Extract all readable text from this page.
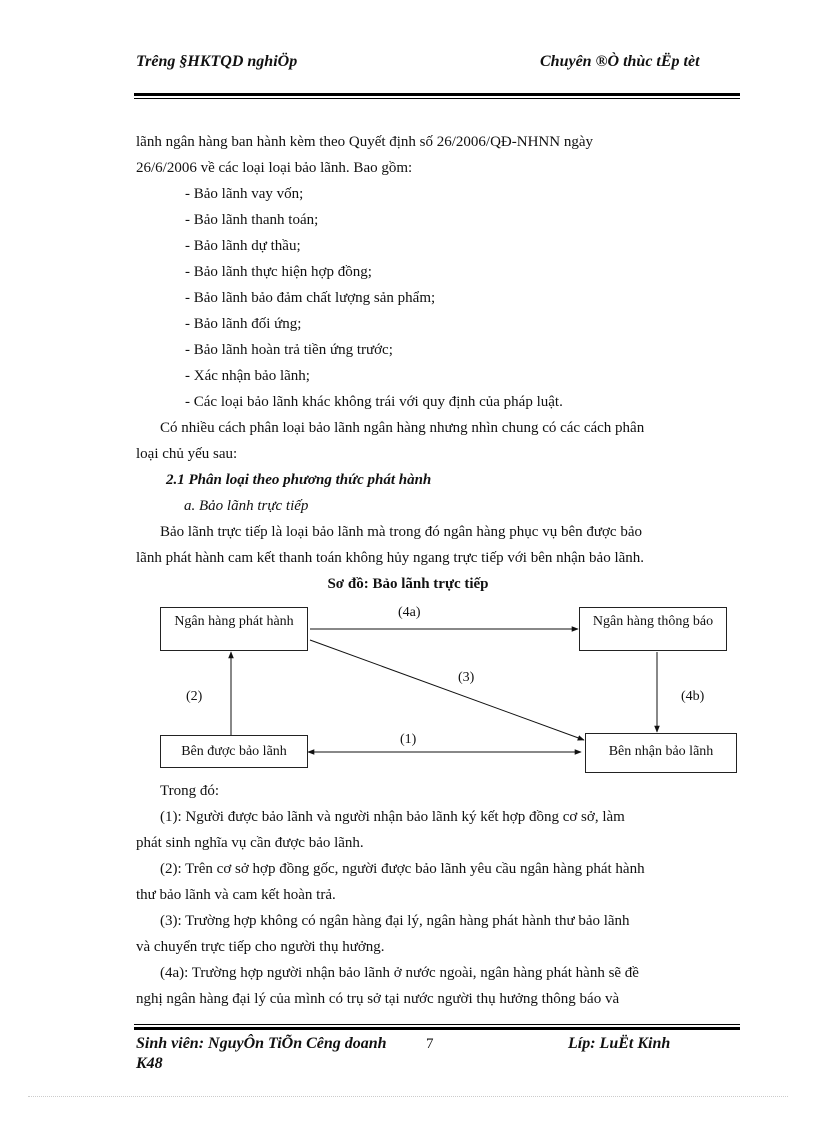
Trêng §HKTQD nghiÖp	Chuyên ®Ò thùc tËp tèt
lãnh ngân hàng ban hành kèm theo Quyết định số 26/2006/QĐ-NHNN ngày
26/6/2006 về các loại loại bảo lãnh. Bao gồm:
- Bảo lãnh vay vốn;
- Bảo lãnh thanh toán;
- Bảo lãnh dự thầu;
- Bảo lãnh thực hiện hợp đồng;
- Bảo lãnh bảo đảm chất lượng sản phẩm;
- Bảo lãnh đối ứng;
- Bảo lãnh hoàn trả tiền ứng trước;
- Xác nhận bảo lãnh;
- Các loại bảo lãnh khác không trái với quy định của pháp luật.
Có nhiều cách phân loại bảo lãnh ngân hàng nhưng nhìn chung có các cách phân
loại chủ yếu sau:
2.1 Phân loại theo phương thức phát hành
a. Bảo lãnh trực tiếp
Bảo lãnh trực tiếp là loại bảo lãnh mà trong đó ngân hàng phục vụ bên được bảo
lãnh phát hành cam kết thanh toán không hủy ngang trực tiếp với bên nhận bảo lãnh.
Sơ đồ: Bảo lãnh trực tiếp
Ngân hàng phát hành	Ngân hàng thông báo
Bên được bảo lãnh	Bên nhận bảo lãnh
(4a)
(3)
(2)	(4b)
(1)
Trong đó:
(1): Người được bảo lãnh và người nhận bảo lãnh ký kết hợp đồng cơ sở, làm
phát sinh nghĩa vụ cần được bảo lãnh.
(2): Trên cơ sở hợp đồng gốc, người được bảo lãnh yêu cầu ngân hàng phát hành
thư bảo lãnh và cam kết hoàn trả.
(3): Trường hợp không có ngân hàng đại lý, ngân hàng phát hành thư bảo lãnh
và chuyển trực tiếp cho người thụ hưởng.
(4a): Trường hợp người nhận bảo lãnh ở nước ngoài, ngân hàng phát hành sẽ đề
nghị ngân hàng đại lý của mình có trụ sở tại nước người thụ hưởng thông báo và
Sinh viên: NguyÔn TiÕn Cêng doanh K48
7	Líp: LuËt Kinh
